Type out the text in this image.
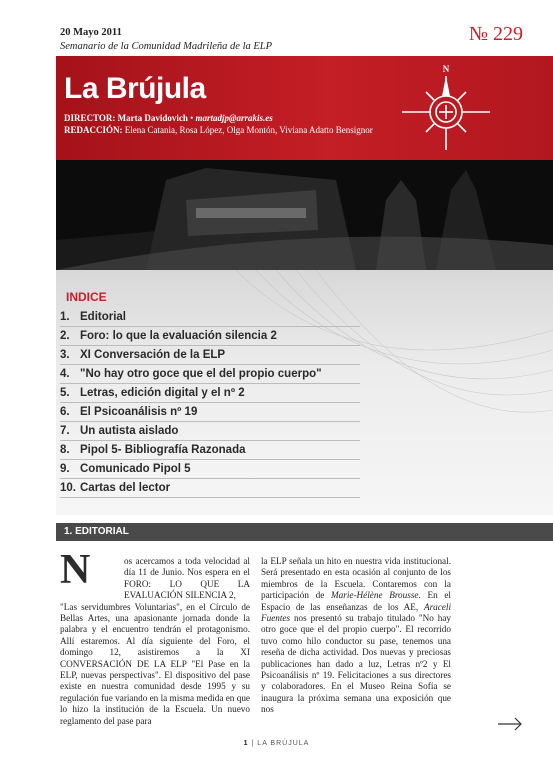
20 Mayo 2011
Semanario de la Comunidad Madrileña de la ELP
№ 229
La Brújula
DIRECTOR: Marta Davidovich • martadjp@arrakis.es
REDACCIÓN: Elena Catania, Rosa López, Olga Montón, Viviana Adatto Bensignor
N
INDICE
1. Editorial
2. Foro: lo que la evaluación silencia 2
3. XI Conversación de la ELP
4. "No hay otro goce que el del propio cuerpo"
5. Letras, edición digital y el nº 2
6. El Psicoanálisis nº 19
7. Un autista aislado
8. Pipol 5- Bibliografía Razonada
9. Comunicado Pipol 5
10. Cartas del lector
1. EDITORIAL
N	os acercamos a toda velocidad al día 11 de Junio. Nos espera en el FORO: LO QUE LA EVALUACIÓN SILENCIA 2,
"Las servidumbres Voluntarias", en el Círculo de Bellas Artes, una apasionante jornada donde la palabra y el encuentro tendrán el protagonismo. Allí estaremos. Al día siguiente del Foro, el domingo 12, asistiremos a la XI CONVERSACIÓN DE LA ELP "El Pase en la ELP, nuevas perspectivas". El dispositivo del pase existe en nuestra comunidad desde 1995 y su regulación fue variando en la misma medida en que lo hizo la institución de la Escuela. Un nuevo reglamento del pase para
la ELP señala un hito en nuestra vida institucional. Será presentado en esta ocasión al conjunto de los miembros de la Escuela. Contaremos con la participación de Marie-Hélène Brousse. En el Espacio de las enseñanzas de los AE, Araceli Fuentes nos presentó su trabajo titulado "No hay otro goce que el del propio cuerpo". El recorrido tuvo como hilo conductor su pase, tenemos una reseña de dicha actividad. Dos nuevas y preciosas publicaciones han dado a luz, Letras nº2 y El Psicoanálisis nº 19. Felicitaciones a sus directores y colaboradores. En el Museo Reina Sofía se inaugura la próxima semana una exposición que nos
1 | LA BRÚJULA
